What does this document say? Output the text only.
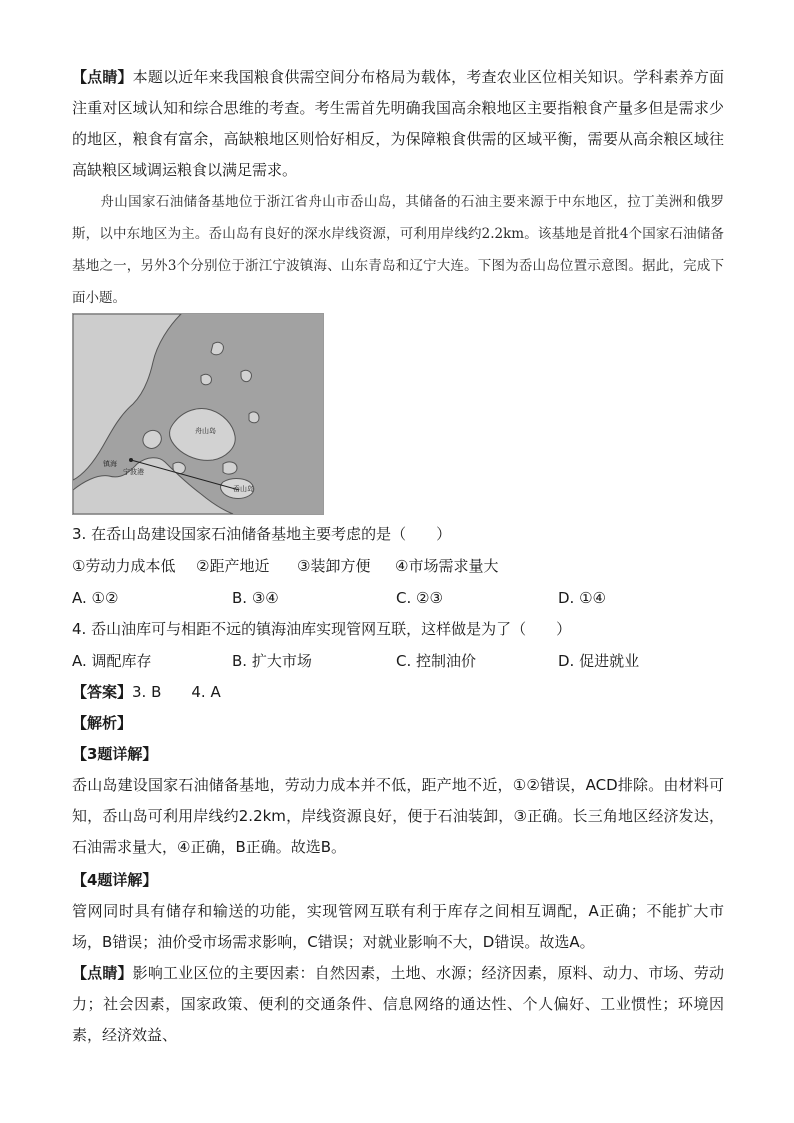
【点睛】本题以近年来我国粮食供需空间分布格局为载体，考查农业区位相关知识。学科素养方面注重对区域认知和综合思维的考查。考生需首先明确我国高余粮地区主要指粮食产量多但是需求少的地区，粮食有富余，高缺粮地区则恰好相反，为保障粮食供需的区域平衡，需要从高余粮区域往高缺粮区域调运粮食以满足需求。

舟山国家石油储备基地位于浙江省舟山市岙山岛，其储备的石油主要来源于中东地区，拉丁美洲和俄罗斯，以中东地区为主。岙山岛有良好的深水岸线资源，可利用岸线约2.2km。该基地是首批4个国家石油储备基地之一，另外3个分别位于浙江宁波镇海、山东青岛和辽宁大连。下图为岙山岛位置示意图。据此，完成下面小题。

舟山岛
镇海
宁波港
岙山岛

3. 在岙山岛建设国家石油储备基地主要考虑的是（　　）

①劳动力成本低 ②距产地近 ③装卸方便 ④市场需求量大
A. ①②	B. ③④	C. ②③	D. ①④

4. 岙山油库可与相距不远的镇海油库实现管网互联，这样做是为了（　　）

A. 调配库存	B. 扩大市场	C. 控制油价	D. 促进就业

【答案】3. B　　4. A

【解析】

【3题详解】

岙山岛建设国家石油储备基地，劳动力成本并不低，距产地不近，①②错误，ACD排除。由材料可知，岙山岛可利用岸线约2.2km，岸线资源良好，便于石油装卸，③正确。长三角地区经济发达，石油需求量大，④正确，B正确。故选B。

【4题详解】

管网同时具有储存和输送的功能，实现管网互联有利于库存之间相互调配，A正确；不能扩大市场，B错误；油价受市场需求影响，C错误；对就业影响不大，D错误。故选A。

【点睛】影响工业区位的主要因素：自然因素，土地、水源；经济因素，原料、动力、市场、劳动力；社会因素，国家政策、便利的交通条件、信息网络的通达性、个人偏好、工业惯性；环境因素，经济效益、
